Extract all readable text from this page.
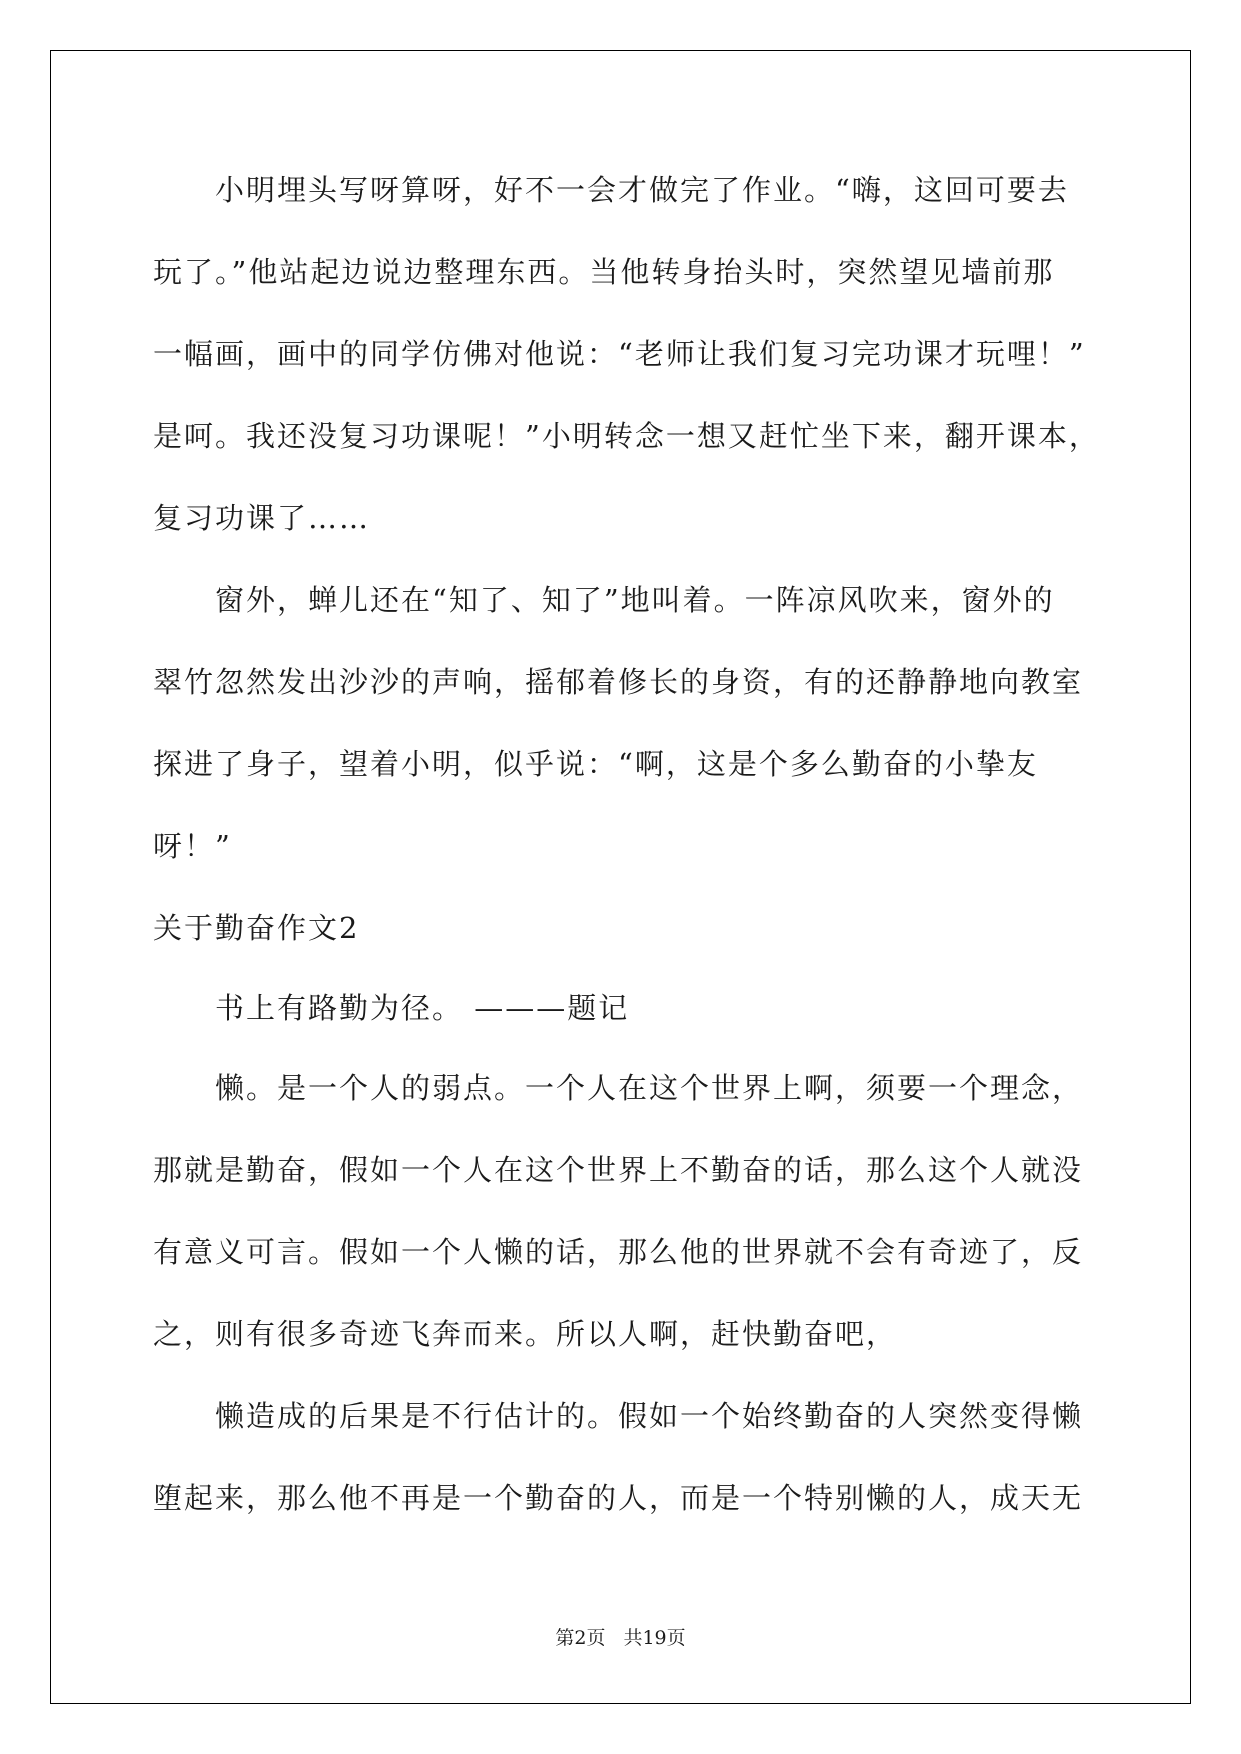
小明埋头写呀算呀，好不一会才做完了作业。“嗨，这回可要去
玩了。”他站起边说边整理东西。当他转身抬头时，突然望见墙前那
一幅画，画中的同学仿佛对他说：“老师让我们复习完功课才玩哩！”
是呵。我还没复习功课呢！”小明转念一想又赶忙坐下来，翻开课本，
复习功课了……
窗外，蝉儿还在“知了、知了”地叫着。一阵凉风吹来，窗外的
翠竹忽然发出沙沙的声响，摇郁着修长的身资，有的还静静地向教室
探进了身子，望着小明，似乎说：“啊，这是个多么勤奋的小挚友
呀！”
关于勤奋作文2
书上有路勤为径。 ———题记
懒。是一个人的弱点。一个人在这个世界上啊，须要一个理念，
那就是勤奋，假如一个人在这个世界上不勤奋的话，那么这个人就没
有意义可言。假如一个人懒的话，那么他的世界就不会有奇迹了，反
之，则有很多奇迹飞奔而来。所以人啊，赶快勤奋吧，
懒造成的后果是不行估计的。假如一个始终勤奋的人突然变得懒
堕起来，那么他不再是一个勤奋的人，而是一个特别懒的人，成天无
第2页 共19页
